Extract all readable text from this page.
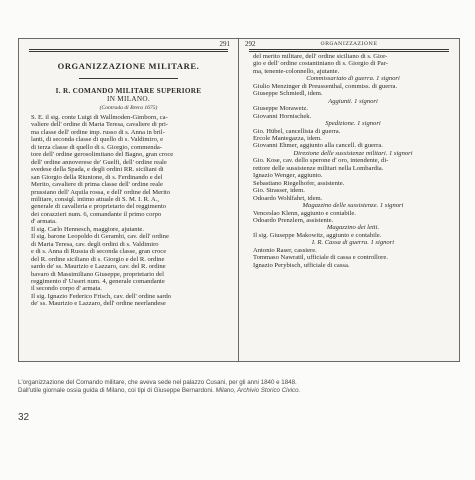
291
ORGANIZZAZIONE MILITARE.
I. R. COMANDO MILITARE SUPERIORE
IN MILANO.
(Contrada di Brera 1675)
S. E. il sig. conte Luigi di Wallmoden-Gimborn, ca-
valiere dell' ordine di Maria Teresa, cavaliere di pri-
ma classe dell' ordine imp. russo di s. Anna in bril-
lanti, di seconda classe di quello di s. Valdimiro, e
di terza classe di quello di s. Giorgio, commenda-
tore dell' ordine gerosolimitano del Bagno, gran croce
dell' ordine annoverese de' Guelfi, dell' ordine reale
svedese della Spada, e degli ordini RR. siciliani di
san Giorgio della Riunione, di s. Ferdinando e del
Merito, cavaliere di prima classe dell' ordine reale
prussiano dell' Aquila rossa, e dell' ordine del Merito
militare, consigl. intimo attuale di S. M. I. R. A.,
generale di cavalleria e proprietario del reggimento
dei corazzieri num. 6, comandante il primo corpo
d' armata.
Il sig. Carlo Hennesch, maggiore, ajutante.
Il sig. barone Leopoldo di Gerambi, cav. dell' ordine
di Maria Teresa, cav. degli ordini di s. Valdimiro
e di s. Anna di Russia di seconda classe, gran croce
del R. ordine siciliano di s. Giorgio e del R. ordine
sardo de' ss. Maurizio e Lazzaro, cav. del R. ordine
bavaro di Massimiliano Giuseppe, proprietario del
reggimento d' Usseri num. 4, generale comandante
il secondo corpo d' armata.
Il sig. Ignazio Federico Frisch, cav. dell' ordine sardo
de' ss. Maurizio e Lazzaro, dell' ordine neerlandese
292	ORGANIZZAZIONE
del merito militare, dell' ordine siciliano di s. Gior-
gio e dell' ordine costantiniano di s. Giorgio di Par-
ma, tenente-colonnello, ajutante.
Commissariato di guerra. 1 signori
Giulio Menzinger di Preussenthal, commiss. di guerra.
Giuseppe Schmiedl, idem.
Aggiunti. 1 signori
Giuseppe Morawetz.
Giovanni Hornischek.
Spedizione. 1 signori
Gio. Hübel, cancellista di guerra.
Ercole Mantegazza, idem.
Giovanni Ehmer, aggiunto alla cancell. di guerra.
Direzione delle sussistenze militari. 1 signori
Gio. Kose, cav. dello sperone d' oro, intendente, di-
rettore delle sussistenze militari nella Lombardia.
Ignazio Wenger, aggiunto.
Sebastiano Riegelhofer, assistente.
Gio. Strasser, idem.
Odoardo Wohlfahrt, idem.
Magazzino delle sussistenze. 1 signori
Venceslao Klenn, aggiunto e contabile.
Odoardo Prenzlern, assistente.
Magazzino dei letti.
Il sig. Giuseppe Makowitz, aggiunto e contabile.
I. R. Cassa di guerra. 1 signori
Antonio Raser, cassiere.
Tommaso Nawratil, ufficiale di cassa e controllore.
Ignazio Perybisch, ufficiale di cassa.
L'organizzazione del Comando militare, che aveva sede nel palazzo Cusani, per gli anni 1840 e 1848.
Dall'utile giornale ossia guida di Milano, coi tipi di Giuseppe Bernardoni. Milano, Archivio Storico Civico.
32
